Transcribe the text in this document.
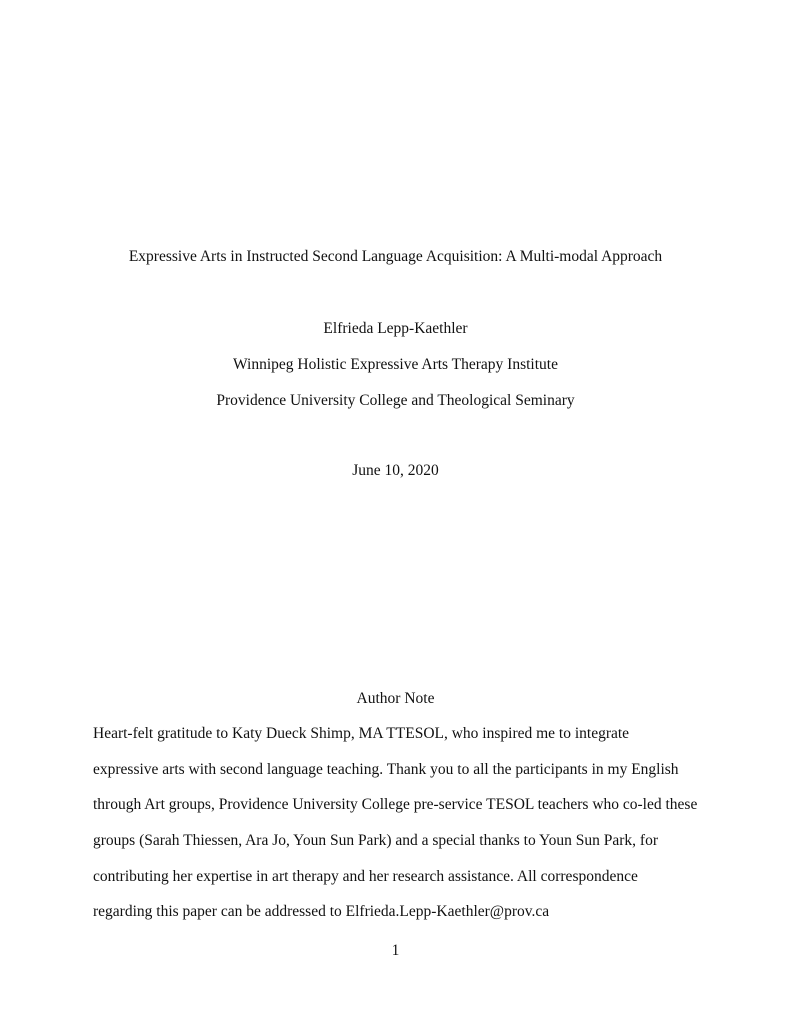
Expressive Arts in Instructed Second Language Acquisition: A Multi-modal Approach
Elfrieda Lepp-Kaethler
Winnipeg Holistic Expressive Arts Therapy Institute
Providence University College and Theological Seminary
June 10, 2020
Author Note
Heart-felt gratitude to Katy Dueck Shimp, MA TTESOL, who inspired me to integrate
expressive arts with second language teaching. Thank you to all the participants in my English
through Art groups, Providence University College pre-service TESOL teachers who co-led these
groups (Sarah Thiessen, Ara Jo, Youn Sun Park) and a special thanks to Youn Sun Park, for
contributing her expertise in art therapy and her research assistance. All correspondence
regarding this paper can be addressed to Elfrieda.Lepp-Kaethler@prov.ca
1
